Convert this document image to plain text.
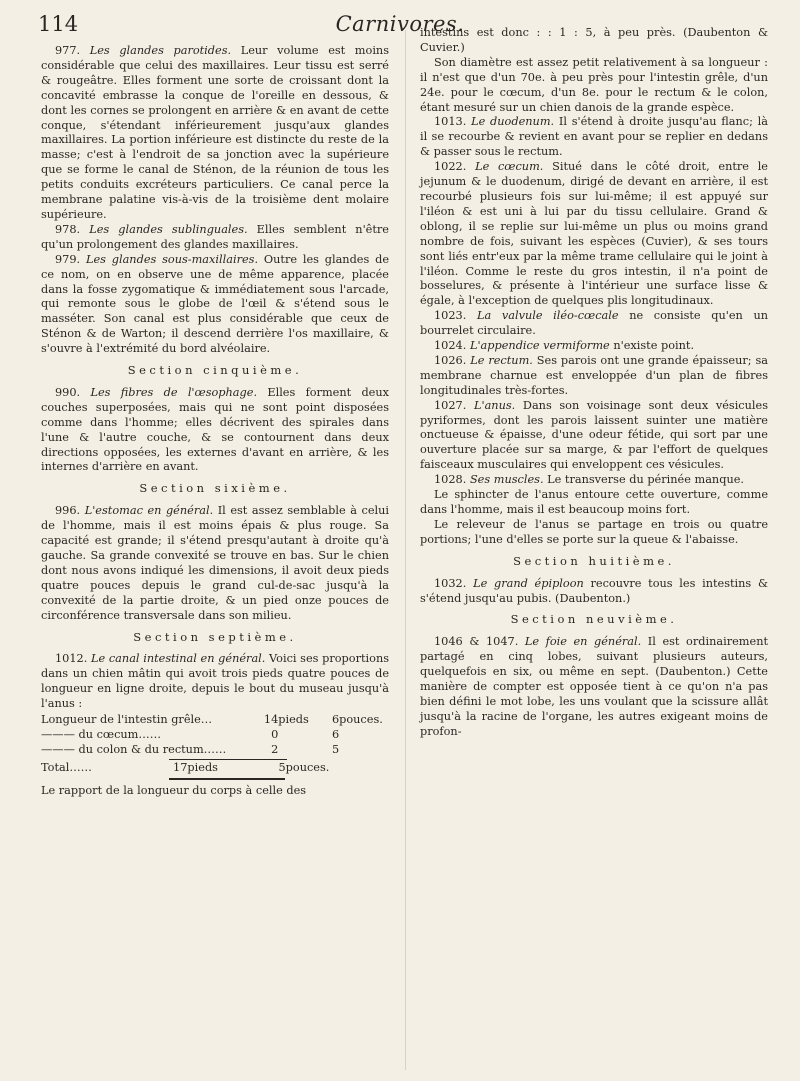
114	Carnivores.

977. Les glandes parotides. Leur volume est moins considérable que celui des maxillaires. Leur tissu est serré & rougeâtre. Elles forment une sorte de croissant dont la concavité embrasse la conque de l'oreille en dessous, & dont les cornes se prolongent en arrière & en avant de cette conque, s'étendant inférieurement jusqu'aux glandes maxillaires. La portion inférieure est distincte du reste de la masse; c'est à l'endroit de sa jonction avec la supérieure que se forme le canal de Sténon, de la réunion de tous les petits conduits excréteurs particuliers. Ce canal perce la membrane palatine vis-à-vis de la troisième dent molaire supérieure.

978. Les glandes sublinguales. Elles semblent n'être qu'un prolongement des glandes maxillaires.

979. Les glandes sous-maxillaires. Outre les glandes de ce nom, on en observe une de même apparence, placée dans la fosse zygomatique & immédiatement sous l'arcade, qui remonte sous le globe de l'œil & s'étend sous le masséter. Son canal est plus considérable que ceux de Sténon & de Warton; il descend derrière l'os maxillaire, & s'ouvre à l'extrémité du bord alvéolaire.

Section cinquième.

990. Les fibres de l'œsophage. Elles forment deux couches superposées, mais qui ne sont point disposées comme dans l'homme; elles décrivent des spirales dans l'une & l'autre couche, & se contournent dans deux directions opposées, les externes d'avant en arrière, & les internes d'arrière en avant.

Section sixième.

996. L'estomac en général. Il est assez semblable à celui de l'homme, mais il est moins épais & plus rouge. Sa capacité est grande; il s'étend presqu'autant à droite qu'à gauche. Sa grande convexité se trouve en bas. Sur le chien dont nous avons indiqué les dimensions, il avoit deux pieds quatre pouces depuis le grand cul-de-sac jusqu'à la convexité de la partie droite, & un pied onze pouces de circonférence transversale dans son milieu.

Section septième.

1012. Le canal intestinal en général. Voici ses proportions dans un chien mâtin qui avoit trois pieds quatre pouces de longueur en ligne droite, depuis le bout du museau jusqu'à l'anus :

Longueur de l'intestin grêle…	14	pieds	6	pouces.
——— du cœcum……	0		6	
——— du colon & du rectum……	2		5	
Total……	17	pieds	5	pouces.

Le rapport de la longueur du corps à celle des

intestins est donc : : 1 : 5, à peu près. (Daubenton & Cuvier.)

Son diamètre est assez petit relativement à sa longueur : il n'est que d'un 70e. à peu près pour l'intestin grêle, d'un 24e. pour le cœcum, d'un 8e. pour le rectum & le colon, étant mesuré sur un chien danois de la grande espèce.

1013. Le duodenum. Il s'étend à droite jusqu'au flanc; là il se recourbe & revient en avant pour se replier en dedans & passer sous le rectum.

1022. Le cœcum. Situé dans le côté droit, entre le jejunum & le duodenum, dirigé de devant en arrière, il est recourbé plusieurs fois sur lui-même; il est appuyé sur l'iléon & est uni à lui par du tissu cellulaire. Grand & oblong, il se replie sur lui-même un plus ou moins grand nombre de fois, suivant les espèces (Cuvier), & ses tours sont liés entr'eux par la même trame cellulaire qui le joint à l'iléon. Comme le reste du gros intestin, il n'a point de bosselures, & présente à l'intérieur une surface lisse & égale, à l'exception de quelques plis longitudinaux.

1023. La valvule iléo-cœcale ne consiste qu'en un bourrelet circulaire.

1024. L'appendice vermiforme n'existe point.

1026. Le rectum. Ses parois ont une grande épaisseur; sa membrane charnue est enveloppée d'un plan de fibres longitudinales très-fortes.

1027. L'anus. Dans son voisinage sont deux vésicules pyriformes, dont les parois laissent suinter une matière onctueuse & épaisse, d'une odeur fétide, qui sort par une ouverture placée sur sa marge, & par l'effort de quelques faisceaux musculaires qui enveloppent ces vésicules.

1028. Ses muscles. Le transverse du périnée manque.

Le sphincter de l'anus entoure cette ouverture, comme dans l'homme, mais il est beaucoup moins fort.

Le releveur de l'anus se partage en trois ou quatre portions; l'une d'elles se porte sur la queue & l'abaisse.

Section huitième.

1032. Le grand épiploon recouvre tous les intestins & s'étend jusqu'au pubis. (Daubenton.)

Section neuvième.

1046 & 1047. Le foie en général. Il est ordinairement partagé en cinq lobes, suivant plusieurs auteurs, quelquefois en six, ou même en sept. (Daubenton.) Cette manière de compter est opposée tient à ce qu'on n'a pas bien défini le mot lobe, les uns voulant que la scissure allât jusqu'à la racine de l'organe, les autres exigeant moins de profon-
